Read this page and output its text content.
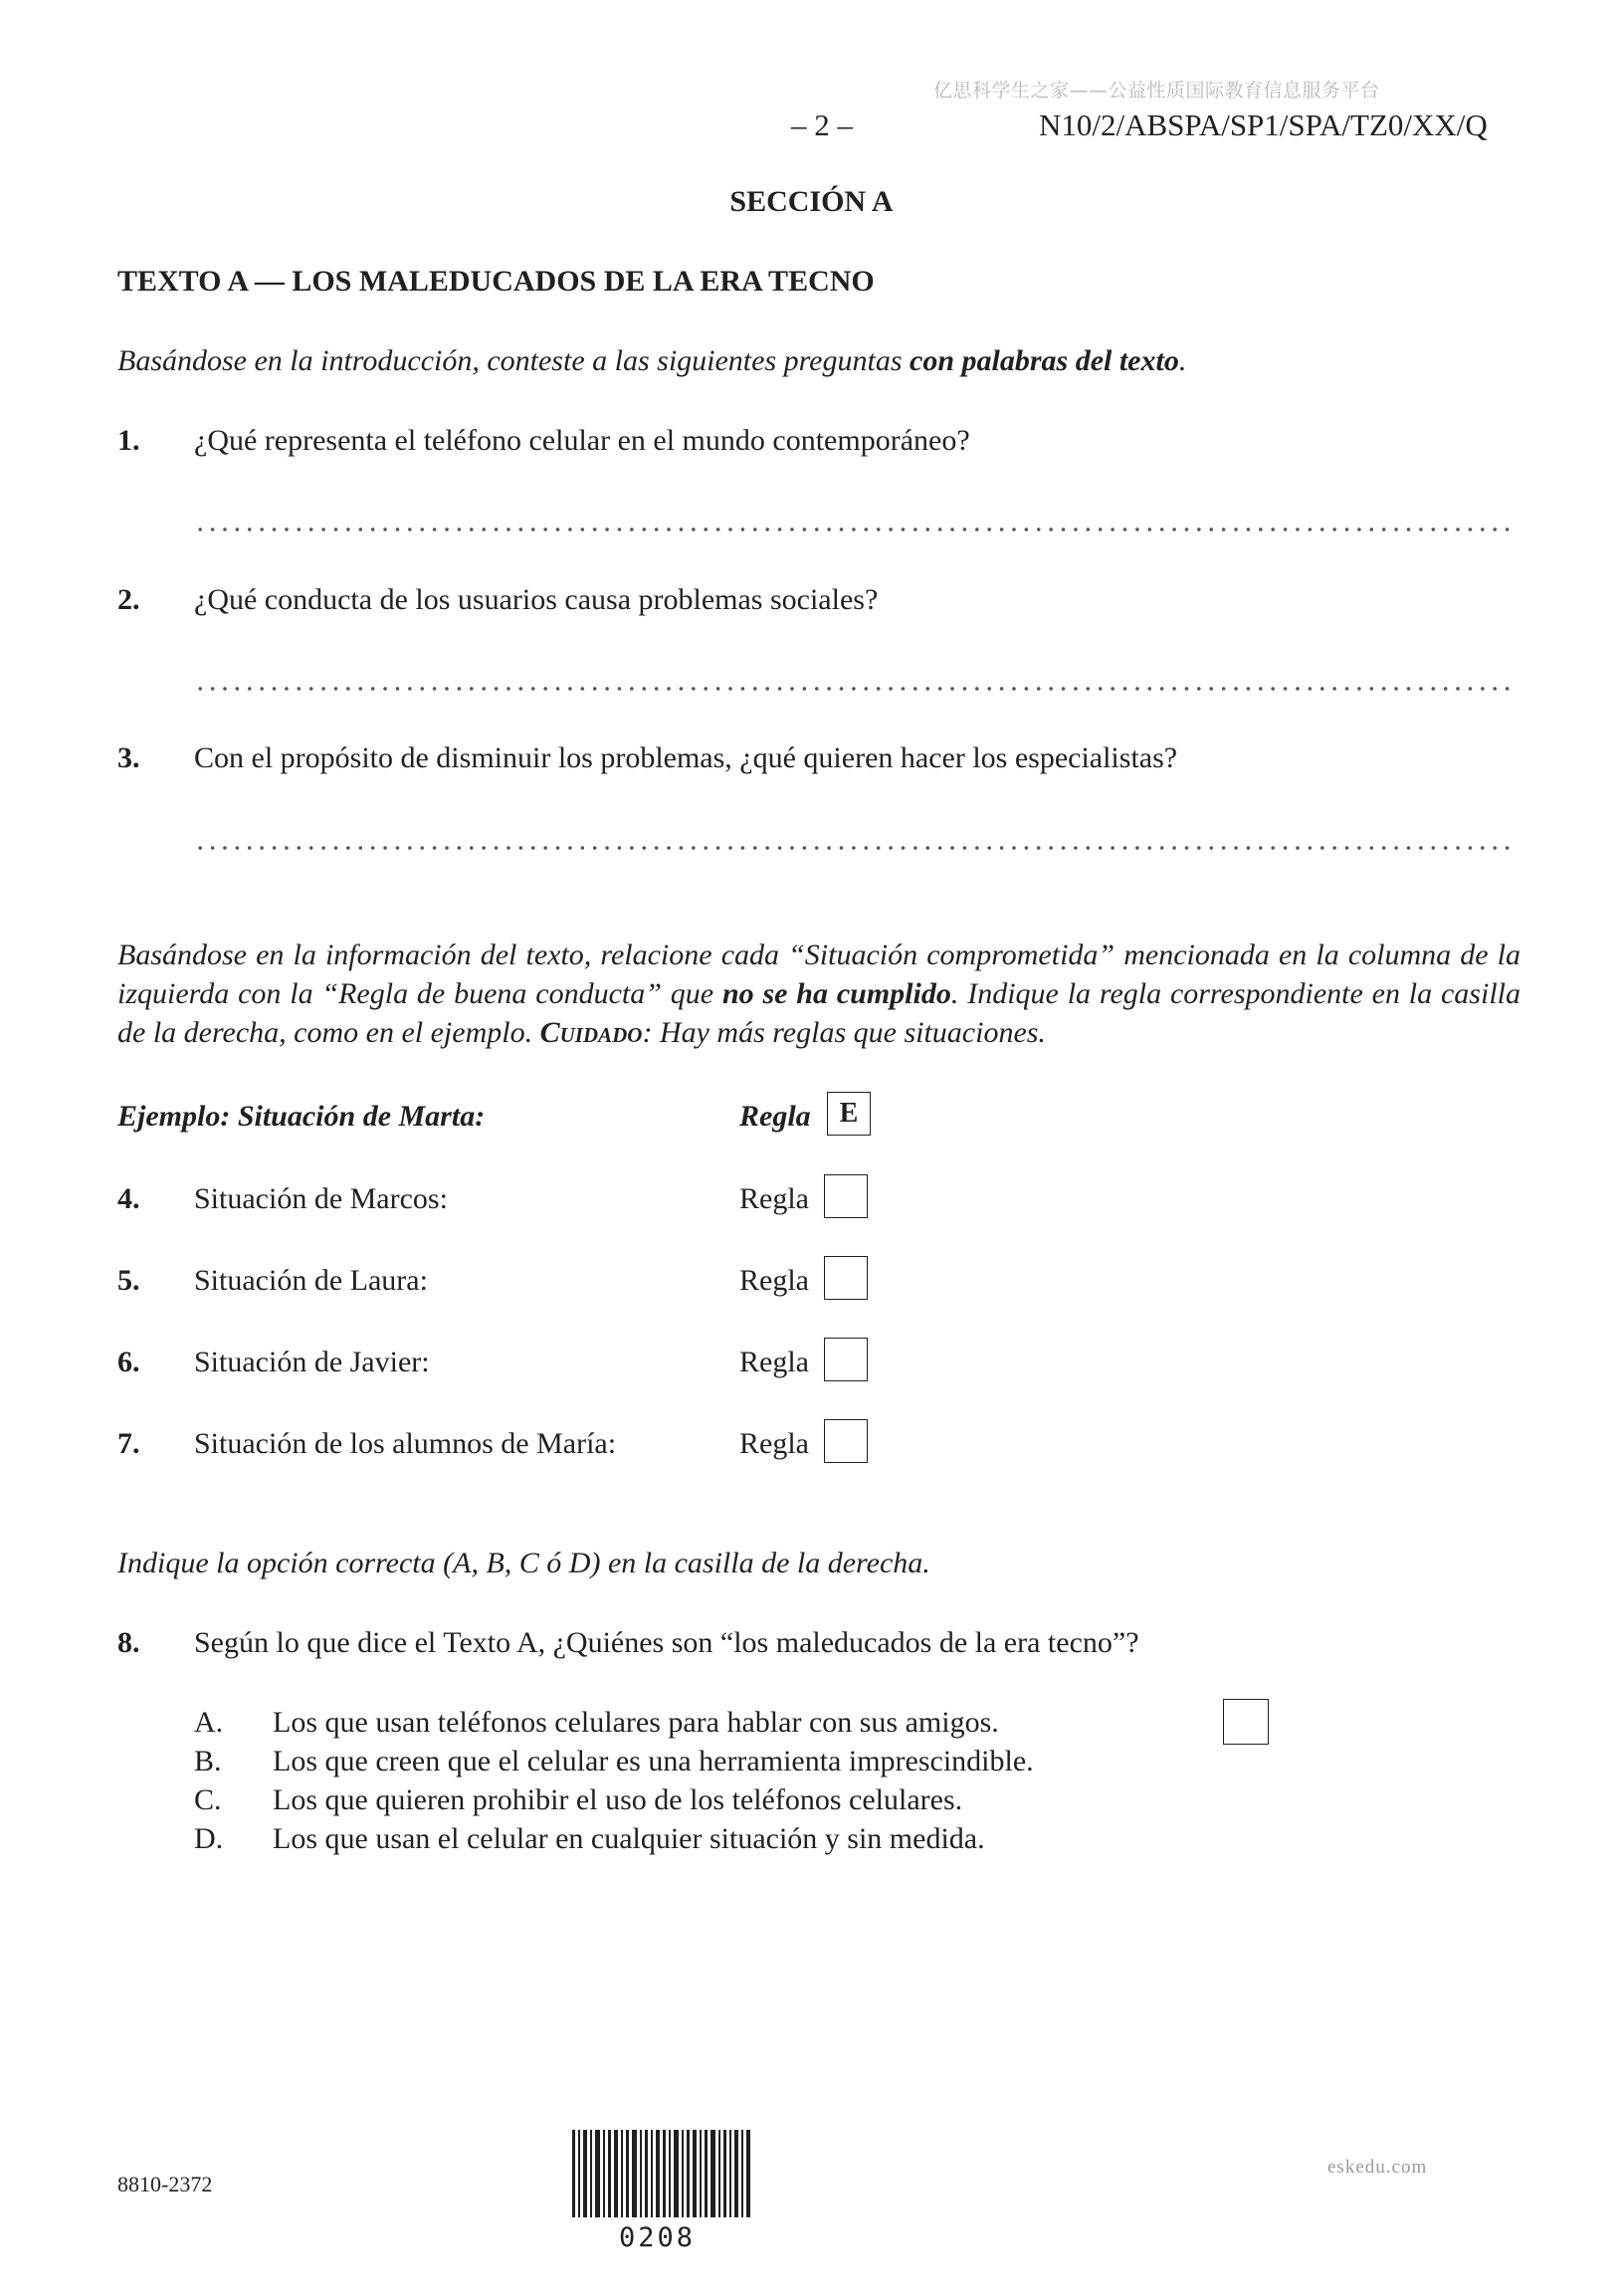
亿思科学生之家——公益性质国际教育信息服务平台
– 2 –	N10/2/ABSPA/SP1/SPA/TZ0/XX/Q
SECCIÓN A
TEXTO A — LOS MALEDUCADOS DE LA ERA TECNO
Basándose en la introducción, conteste a las siguientes preguntas con palabras del texto.
1. ¿Qué representa el teléfono celular en el mundo contemporáneo?
2. ¿Qué conducta de los usuarios causa problemas sociales?
3. Con el propósito de disminuir los problemas, ¿qué quieren hacer los especialistas?
Basándose en la información del texto, relacione cada “Situación comprometida” mencionada en la columna de la izquierda con la “Regla de buena conducta” que no se ha cumplido. Indique la regla correspondiente en la casilla de la derecha, como en el ejemplo. Cuidado: Hay más reglas que situaciones.
Ejemplo: Situación de Marta:	Regla	E
4. Situación de Marcos:	Regla
5. Situación de Laura:	Regla
6. Situación de Javier:	Regla
7. Situación de los alumnos de María:	Regla
Indique la opción correcta (A, B, C ó D) en la casilla de la derecha.
8. Según lo que dice el Texto A, ¿Quiénes son “los maleducados de la era tecno”?
A. Los que usan teléfonos celulares para hablar con sus amigos.
B. Los que creen que el celular es una herramienta imprescindible.
C. Los que quieren prohibir el uso de los teléfonos celulares.
D. Los que usan el celular en cualquier situación y sin medida.
8810-2372
0208
eskedu.com
